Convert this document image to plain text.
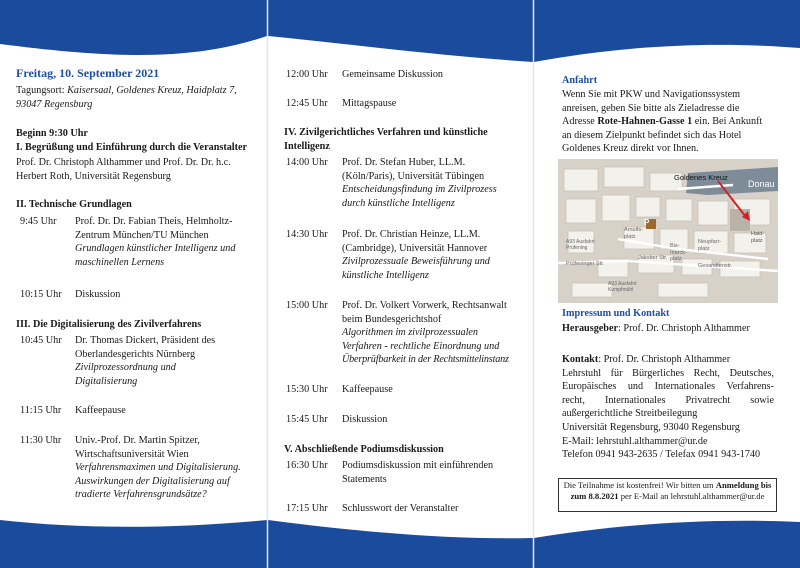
Freitag, 10. September 2021
Tagungsort: Kaisersaal, Goldenes Kreuz, Haidplatz 7,
93047 Regensburg
Beginn 9:30 Uhr
I. Begrüßung und Einführung durch die Veranstalter
Prof. Dr. Christoph Althammer und Prof. Dr. Dr. h.c.
Herbert Roth, Universität Regensburg
II. Technische Grundlagen
9:45 Uhr Prof. Dr. Dr. Fabian Theis, Helmholtz-
Zentrum München/TU München
Grundlagen künstlicher Intelligenz und
maschinellen Lernens
10:15 Uhr Diskussion
III. Die Digitalisierung des Zivilverfahrens
10:45 Uhr Dr. Thomas Dickert, Präsident des
Oberlandesgerichts Nürnberg
Zivilprozessordnung und
Digitalisierung
11:15 Uhr Kaffeepause
11:30 Uhr Univ.-Prof. Dr. Martin Spitzer,
Wirtschaftsuniversität Wien
Verfahrensmaximen und Digitalisierung.
Auswirkungen der Digitalisierung auf
tradierte Verfahrensgrundsätze?
12:00 Uhr Gemeinsame Diskussion
12:45 Uhr Mittagspause
IV. Zivilgerichtliches Verfahren und künstliche
Intelligenz
14:00 Uhr Prof. Dr. Stefan Huber, LL.M.
(Köln/Paris), Universität Tübingen
Entscheidungsfindung im Zivilprozess
durch künstliche Intelligenz
14:30 Uhr Prof. Dr. Christian Heinze, LL.M.
(Cambridge), Universität Hannover
Zivilprozessuale Beweisführung und
künstliche Intelligenz
15:00 Uhr Prof. Dr. Volkert Vorwerk, Rechtsanwalt
beim Bundesgerichtshof
Algorithmen im zivilprozessualen
Verfahren - rechtliche Einordnung und
Überprüfbarkeit in der Rechtsmittelinstanz
15:30 Uhr Kaffeepause
15:45 Uhr Diskussion
V. Abschließende Podiumsdiskussion
16:30 Uhr Podiumsdiskussion mit einführenden
Statements
17:15 Uhr Schlusswort der Veranstalter
Anfahrt
Wenn Sie mit PKW und Navigationssystem
anreisen, geben Sie bitte als Zieladresse die
Adresse Rote-Hahnen-Gasse 1 ein. Bei Ankunft
an diesem Zielpunkt befindet sich das Hotel
Goldenes Kreuz direkt vor Ihnen.
Goldenes Kreuz
Donau
Haid-platz
Neupfarr-platz
Bis-marck-platz
Arnulfs-platz
P
Jakober Str.
Gesandtenstr.
Prüfeninger Str.
A93 Ausfahrt Prüfening
A93 Ausfahrt Kumpfmühl
Impressum und Kontakt
Herausgeber: Prof. Dr. Christoph Althammer
Kontakt: Prof. Dr. Christoph Althammer

Lehrstuhl für Bürgerliches Recht, Deutsches,
Europäisches und Internationales Verfahrens-
recht, Internationales Privatrecht sowie
außergerichtliche Streitbeilegung
Universität Regensburg, 93040 Regensburg
E-Mail: lehrstuhl.althammer@ur.de
Telefon 0941 943-2635 / Telefax 0941 943-1740
Die Teilnahme ist kostenfrei! Wir bitten um Anmeldung bis zum 8.8.2021 per E-Mail an lehrstuhl.althammer@ur.de
